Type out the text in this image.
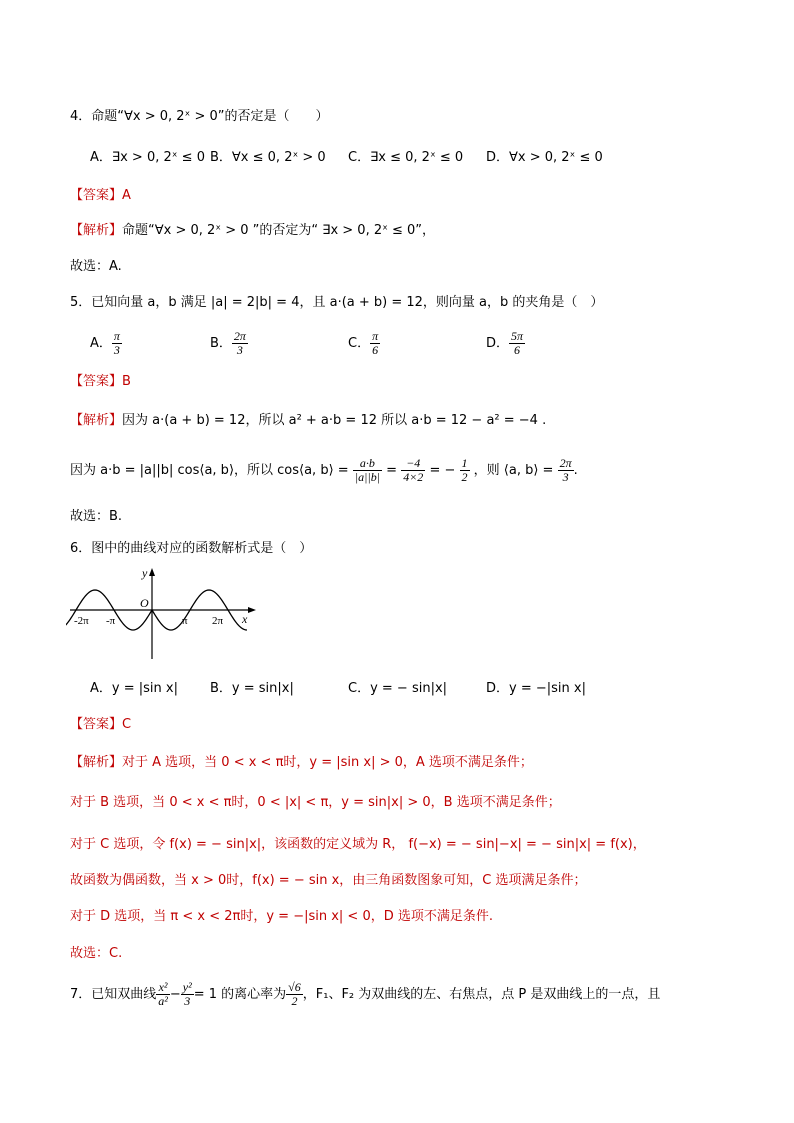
4．命题“∀x > 0, 2ˣ > 0”的否定是（　　）
A．∃x > 0, 2ˣ ≤ 0 B．∀x ≤ 0, 2ˣ > 0 C．∃x ≤ 0, 2ˣ ≤ 0 D．∀x > 0, 2ˣ ≤ 0
【答案】A
【解析】命题“∀x > 0, 2ˣ > 0 ”的否定为“ ∃x > 0, 2ˣ ≤ 0”，
故选：A.
5．已知向量 a，b 满足 |a| = 2|b| = 4，且 a·(a + b) = 12，则向量 a，b 的夹角是（　）
A． $\frac{\pi}{3}$	B． $\frac{2\pi}{3}$	C． $\frac{\pi}{6}$	D． $\frac{5\pi}{6}$
【答案】B
【解析】因为 a·(a + b) = 12，所以 a² + a·b = 12 所以 a·b = 12 − a² = −4 .
因为 a·b = |a||b| cos⟨a, b⟩，所以 cos⟨a, b⟩ = $\frac{a\cdot b}{|a||b|} = \frac{-4}{4\times 2}$ = − $\frac{1}{2}$ ，则 ⟨a, b⟩ = $\frac{2\pi}{3}$ .
故选：B.
6．图中的曲线对应的函数解析式是（　）
y
x
O
-2π -π	π 2π
A．y = |sin x| B．y = sin|x|	C．y = − sin|x|	D．y = −|sin x|
【答案】C
【解析】对于 A 选项，当 0 < x < π时，y = |sin x| > 0，A 选项不满足条件；
对于 B 选项，当 0 < x < π时，0 < |x| < π，y = sin|x| > 0，B 选项不满足条件；
对于 C 选项，令 f(x) = − sin|x|，该函数的定义域为 R， f(−x) = − sin|−x| = − sin|x| = f(x)，
故函数为偶函数，当 x > 0时，f(x) = − sin x，由三角函数图象可知，C 选项满足条件；
对于 D 选项，当 π < x < 2π时，y = −|sin x| < 0，D 选项不满足条件.
故选：C.
7．已知双曲线 $\frac{\text{x²}}{\text{a²}} - \frac{\text{y²}}{3} = 1$ 的离心率为 $\frac{√6}{2}$ ，F₁、F₂ 为双曲线的左、右焦点，点 P 是双曲线上的一点，且
